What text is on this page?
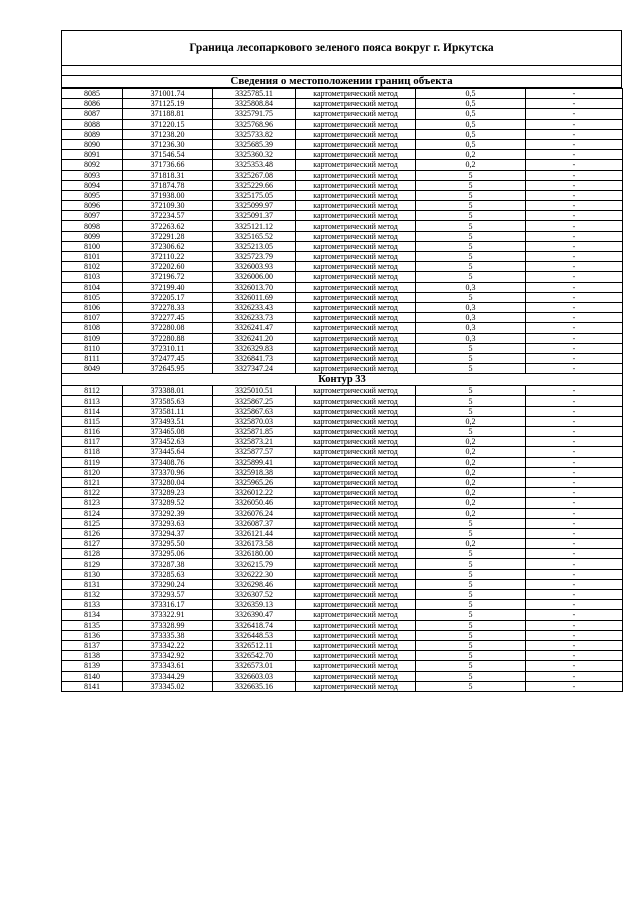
Граница лесопаркового зеленого пояса вокруг г. Иркутска
Сведения о местоположении границ объекта
8085	371001.74	3325785.11	картометрический метод	0,5	-
8086	371125.19	3325808.84	картометрический метод	0,5	-
8087	371188.81	3325791.75	картометрический метод	0,5	-
8088	371220.15	3325768.96	картометрический метод	0,5	-
8089	371238.20	3325733.82	картометрический метод	0,5	-
8090	371236.30	3325685.39	картометрический метод	0,5	-
8091	371546.54	3325360.32	картометрический метод	0,2	-
8092	371736.66	3325353.48	картометрический метод	0,2	-
8093	371818.31	3325267.08	картометрический метод	5	-
8094	371874.78	3325229.66	картометрический метод	5	-
8095	371938.00	3325175.05	картометрический метод	5	-
8096	372109.30	3325099.97	картометрический метод	5	-
8097	372234.57	3325091.37	картометрический метод	5	-
8098	372263.62	3325121.12	картометрический метод	5	-
8099	372291.28	3325165.52	картометрический метод	5	-
8100	372306.62	3325213.05	картометрический метод	5	-
8101	372110.22	3325723.79	картометрический метод	5	-
8102	372202.60	3326003.93	картометрический метод	5	-
8103	372196.72	3326006.00	картометрический метод	5	-
8104	372199.40	3326013.70	картометрический метод	0,3	-
8105	372205.17	3326011.69	картометрический метод	5	-
8106	372278.33	3326233.43	картометрический метод	0,3	-
8107	372277.45	3326233.73	картометрический метод	0,3	-
8108	372280.08	3326241.47	картометрический метод	0,3	-
8109	372280.88	3326241.20	картометрический метод	0,3	-
8110	372310.11	3326329.83	картометрический метод	5	-
8111	372477.45	3326841.73	картометрический метод	5	-
8049	372645.95	3327347.24	картометрический метод	5	-
Контур 33					
8112	373388.01	3325010.51	картометрический метод	5	-
8113	373585.63	3325867.25	картометрический метод	5	-
8114	373581.11	3325867.63	картометрический метод	5	-
8115	373493.51	3325870.03	картометрический метод	0,2	-
8116	373465.08	3325871.85	картометрический метод	5	-
8117	373452.63	3325873.21	картометрический метод	0,2	-
8118	373445.64	3325877.57	картометрический метод	0,2	-
8119	373408.76	3325899.41	картометрический метод	0,2	-
8120	373370.96	3325918.38	картометрический метод	0,2	-
8121	373280.04	3325965.26	картометрический метод	0,2	-
8122	373289.23	3326012.22	картометрический метод	0,2	-
8123	373289.52	3326050.46	картометрический метод	0,2	-
8124	373292.39	3326076.24	картометрический метод	0,2	-
8125	373293.63	3326087.37	картометрический метод	5	-
8126	373294.37	3326121.44	картометрический метод	5	-
8127	373295.50	3326173.58	картометрический метод	0,2	-
8128	373295.06	3326180.00	картометрический метод	5	-
8129	373287.38	3326215.79	картометрический метод	5	-
8130	373285.63	3326222.30	картометрический метод	5	-
8131	373290.24	3326298.46	картометрический метод	5	-
8132	373293.57	3326307.52	картометрический метод	5	-
8133	373316.17	3326359.13	картометрический метод	5	-
8134	373322.91	3326390.47	картометрический метод	5	-
8135	373328.99	3326418.74	картометрический метод	5	-
8136	373335.38	3326448.53	картометрический метод	5	-
8137	373342.22	3326512.11	картометрический метод	5	-
8138	373342.92	3326542.70	картометрический метод	5	-
8139	373343.61	3326573.01	картометрический метод	5	-
8140	373344.29	3326603.03	картометрический метод	5	-
8141	373345.02	3326635.16	картометрический метод	5	-
